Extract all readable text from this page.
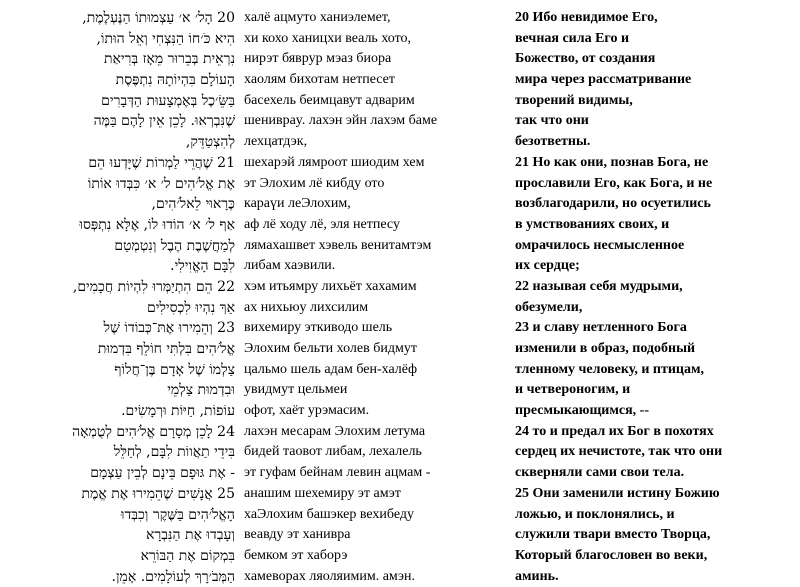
20 הָל׳ א׳ עַצְמוּתוֹ הַנֶּעְלֶמֶת,
הִיא כֹּ׳חוֹ הַנִּצְחִי וְאֵל הוּתוֹ,
נִרְאֵית בְּבֵרוּר מֵאָז בְּרִיאַת
הָעוֹלָם בִּהְיוֹתָהּ נִתְפֶּסֶת
בַּשֵּׂ׳כֶל בְּאֶמְצָעוּת הַדְּבָרִים
שֶׁנִּבְרְאוּ. לָכֵן אֵין לָהֶם בַּמֶּה
לְהִצְטַדֵּק,
21 שֶׁהֲרֵי לַמְרוֹת שֶׁיָּדְעוּ הֵם
אֶת אֱלֹ׳הִים ל׳ א׳ כִּבְּדוּ אוֹתוֹ
כֶּרָאוּי לֵאלֹ׳הִים,
אַף ל׳ א׳ הוֹדוּ לוֹ, אֶלָּא נִתְפְּסוּ
לְמַחֲשֶׁבֶת הֶבֶל וְנִטְמְטַם
לִבָּם הָאֱוִילִי.
22 הֵם הִתְיַמְּרוּ לִהְיוֹת חֲכָמִים,
אַךְ נִהְיוּ לִכְסִילִים
23 וְהֵמִירוּ אֶתּ־כְּבוֹדוֹ שֶׁל
אֱלֹ׳הִים בִּלְתִּי חוֹלֵף בִּדְמוּת
צַלְמוֹ שֶׁל אָדָם בֶּן־חֲלוֹף
וּבִדְמוּת צַלְמֵי
עוֹפוֹת, חַיּוֹת וּרְמָשִׂים.
24 לָכֵן מְסָרָם אֱלֹ׳הִים לְטֻמְאָה
בִּידֵי תַאֲווֹת לִבָּם, לְחַלֵּל
- אֶת גּוּפָם בֵּינָם לְבֵין עַצְמָם
25 אֲנָשִׁים שֶׁהֵמִירוּ אֶת אֱמֶת
הָאֱלֹ׳הִים בַּשֶּׁקֶר וְכִבְּדוּ
וְעָבְדוּ אֶת הַנִּבְרָא
בִּמְקוֹם אֶת הַבּוֹרֵא
הַמְּבֹ׳רָךְ לְעוֹלָמִים. אָמֵן.
халё ацмуто ханиэлемет,
хи кохо ханицхи веаль хото,
нирэт бявруp мэаз биора
хаолям бихотам нетпесет
басехель беимцавут адварим
шенивраy. лахэн эйн лахэм баме
лехцатдэк,
шехарэй лямроот шиодим хем
эт Элохим лё кибду ото
караүи леЭлохим,
аф лё ходу лё, эля нетпесу
лямахашвет хэвель венитамтэм
либам хаэвили.
хэм итьямру лихьёт хахамим
ах нихьюу лихсилим
вихемиру эткиводо шель
Элохим бельти холев бидмут
цальмо шель адам бен-халёф
увидмут цельмеи
офот, хаёт урэмасим.
лахэн месарам Элохим летума
бидей таовот либам, лехалель
эт гуфам бейнам левин ацмам -
анашим шехемиру эт амэт
хаЭлохим башэкер вехибеду
веавду эт ханивра
бемком эт хаборэ
хамеворах ляоляимим. амэн.
20 Ибо невидимое Его,
вечная сила Его и
Божество, от создания
мира через рассматривание
творений видимы,
так что они
безответны.
21 Но как они, познав Бога, не
прославили Его, как Бога, и не
возблагодарили, но осуетились
в умствованиях своих, и
омрачилось несмысленное
их сердце;
22 называя себя мудрыми,
обезумели,
23 и славу нетленного Бога
изменили в образ, подобный
тленному человеку, и птицам,
и четвероногим, и
пресмыкающимся, --
24 то и предал их Бог в похотях
сердец их нечистоте, так что они
скверняли сами свои тела.
25 Они заменили истину Божию
ложью, и поклонялись, и
служили твари вместо Творца,
Который благословен во веки,
аминь.
